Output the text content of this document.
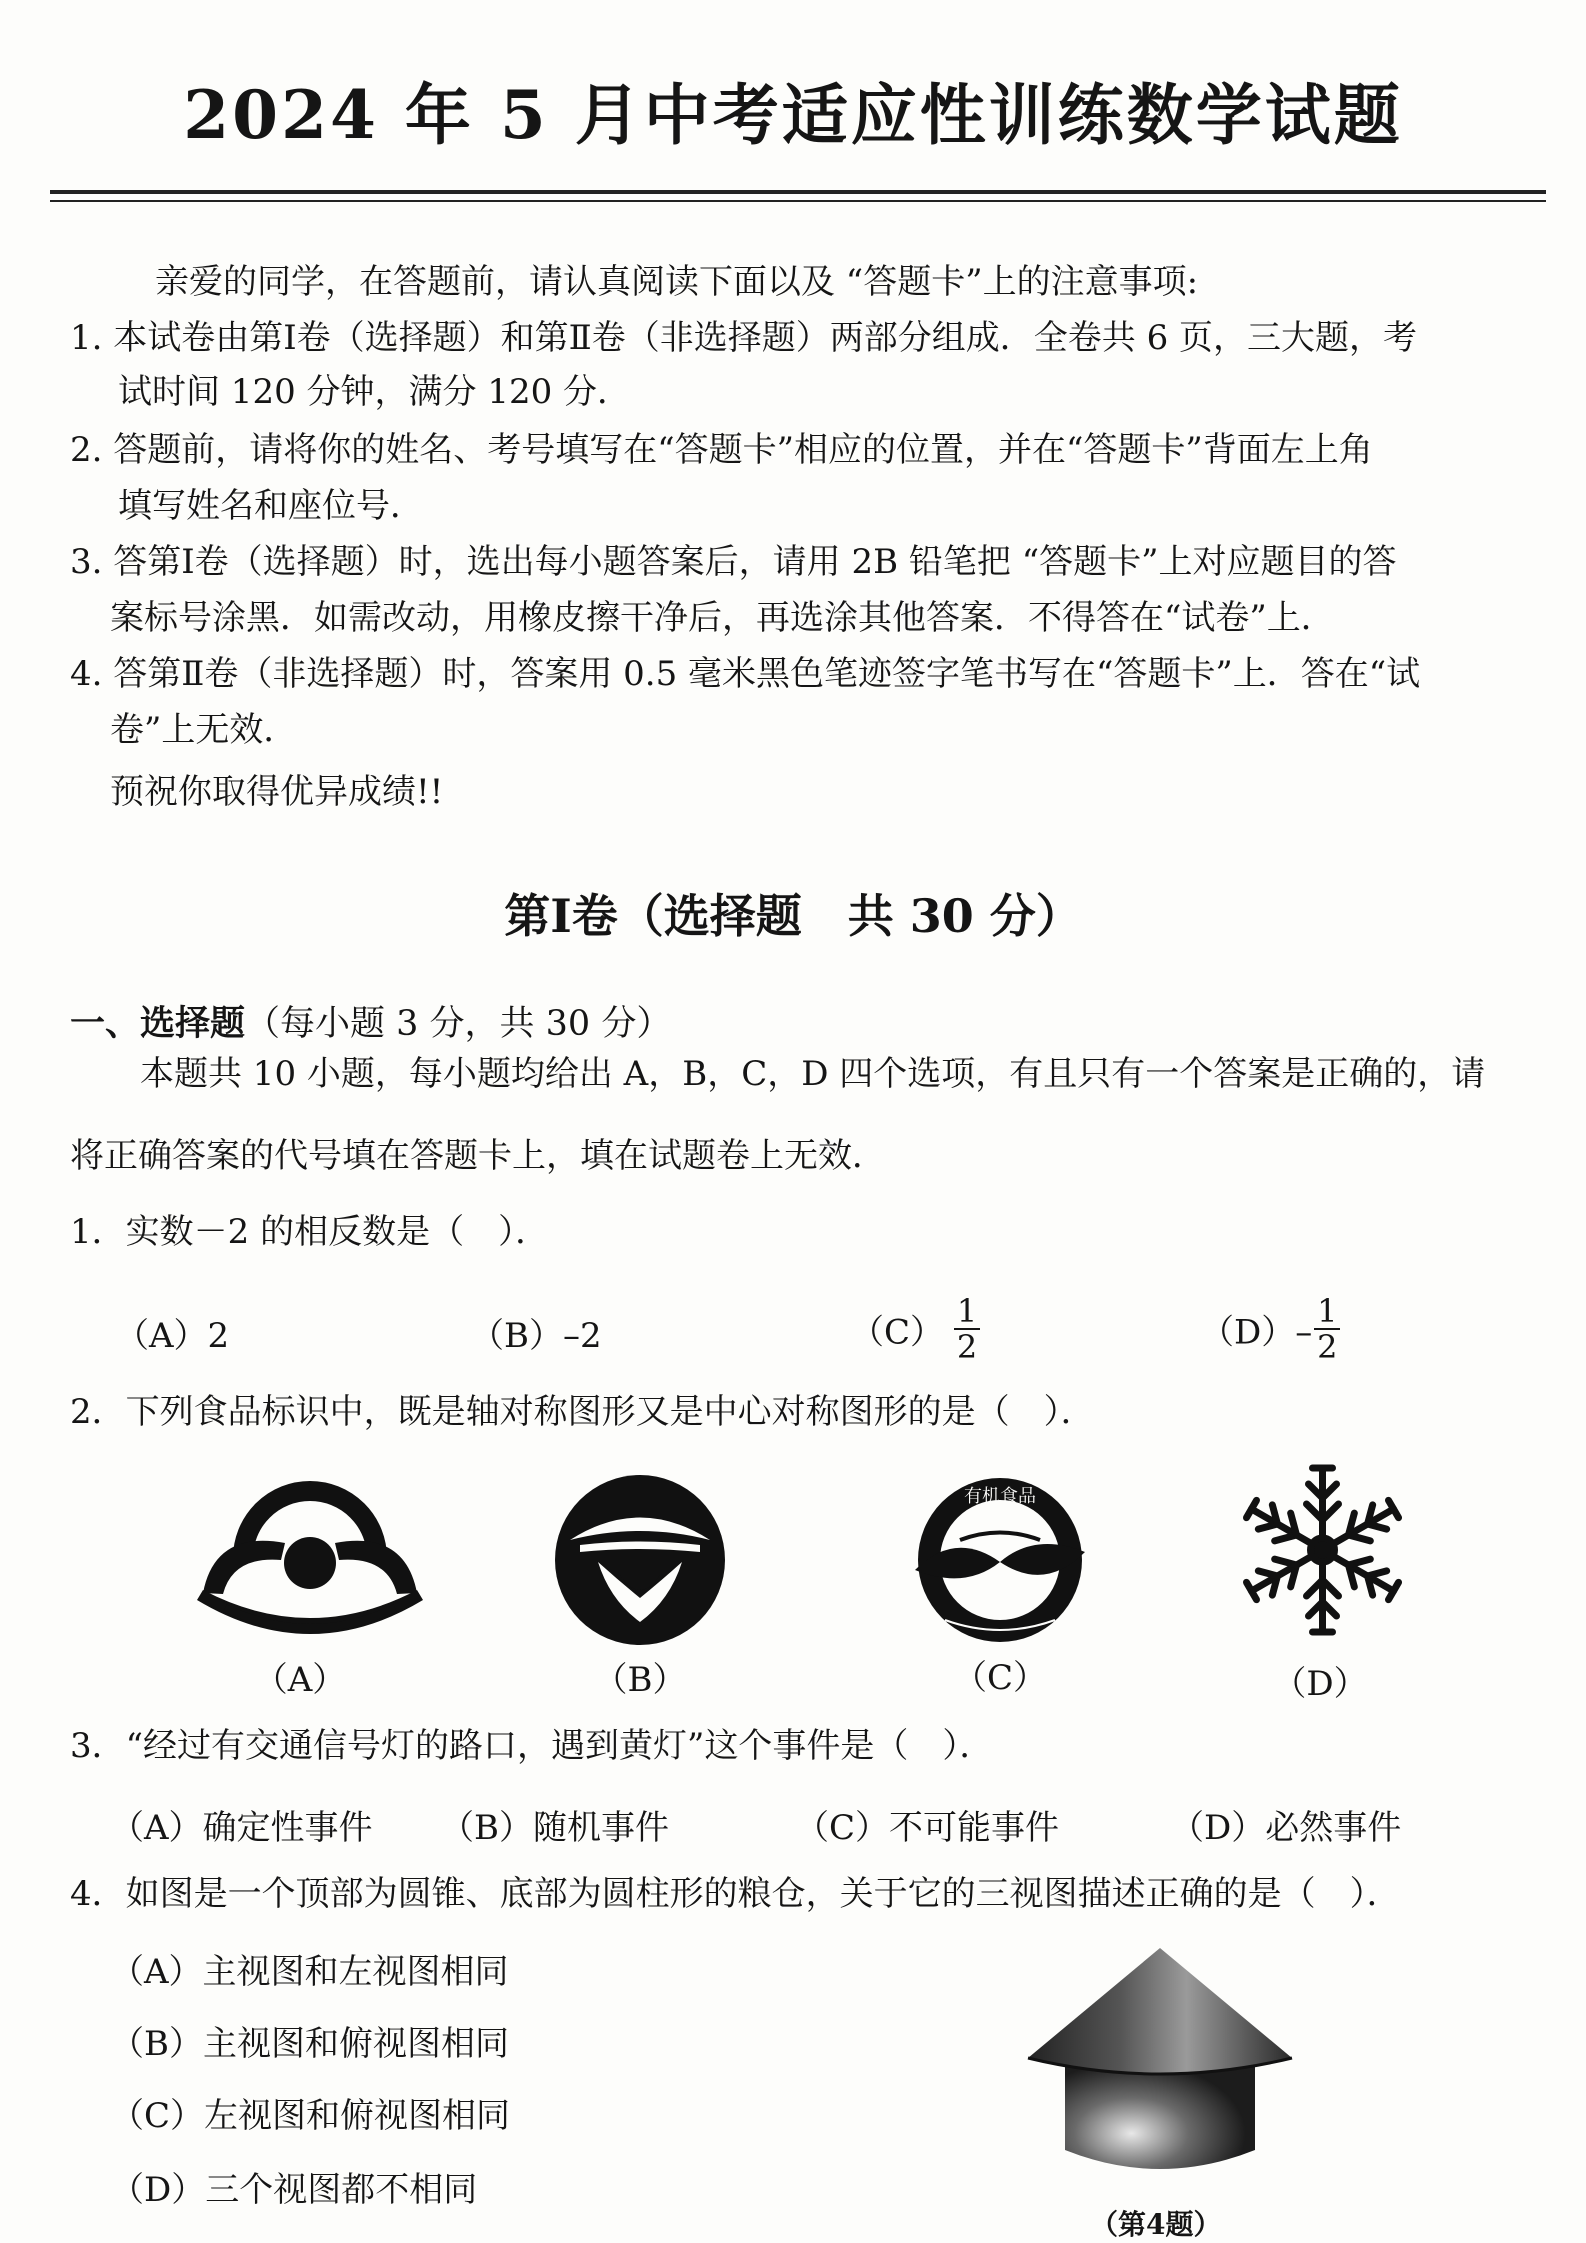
2024 年 5 月中考适应性训练数学试题
亲爱的同学，在答题前，请认真阅读下面以及 “答题卡”上的注意事项:
1. 本试卷由第Ⅰ卷（选择题）和第Ⅱ卷（非选择题）两部分组成．全卷共 6 页，三大题，考
试时间 120 分钟，满分 120 分．
2. 答题前，请将你的姓名、考号填写在“答题卡”相应的位置，并在“答题卡”背面左上角
填写姓名和座位号．
3. 答第Ⅰ卷（选择题）时，选出每小题答案后，请用 2B 铅笔把 “答题卡”上对应题目的答
案标号涂黑．如需改动，用橡皮擦干净后，再选涂其他答案．不得答在“试卷”上．
4. 答第Ⅱ卷（非选择题）时，答案用 0.5 毫米黑色笔迹签字笔书写在“答题卡”上．答在“试
卷”上无效．
预祝你取得优异成绩!!
第Ⅰ卷（选择题　共 30 分）
一、选择题（每小题 3 分，共 30 分）
本题共 10 小题，每小题均给出 A，B，C，D 四个选项，有且只有一个答案是正确的，请
将正确答案的代号填在答题卡上，填在试题卷上无效．
1．实数－2 的相反数是（　）．
（A）2	（B）–2	$(C) \frac{1}{2}$	$(D)- \frac{1}{2}$
2．下列食品标识中，既是轴对称图形又是中心对称图形的是（　）．
（A）	（B）
有机食品
（C）	（D）
3．“经过有交通信号灯的路口，遇到黄灯”这个事件是（　）．
（A）确定性事件 （B）随机事件	（C）不可能事件	（D）必然事件
4．如图是一个顶部为圆锥、底部为圆柱形的粮仓，关于它的三视图描述正确的是（　）．
（A）主视图和左视图相同
（B）主视图和俯视图相同
（C）左视图和俯视图相同
（D）三个视图都不相同
（第4题）
